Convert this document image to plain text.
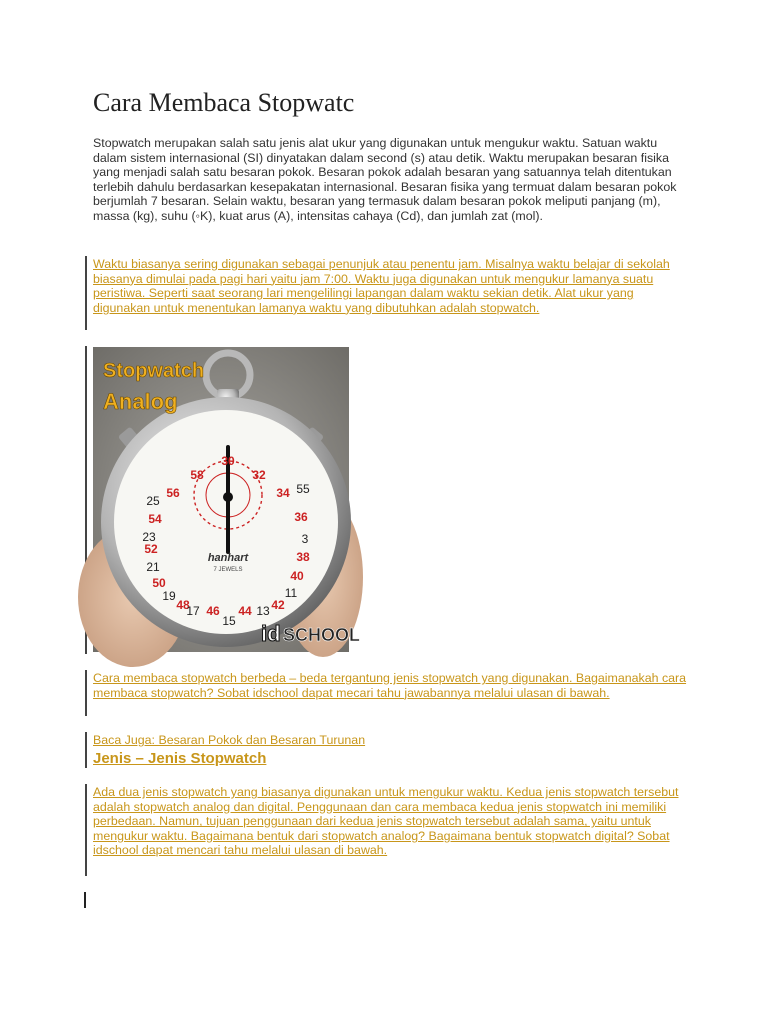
Cara Membaca Stopwatc

Stopwatch merupakan salah satu jenis alat ukur yang digunakan untuk mengukur waktu. Satuan waktu dalam sistem internasional (SI) dinyatakan dalam second (s) atau detik. Waktu merupakan besaran fisika yang menjadi salah satu besaran pokok. Besaran pokok adalah besaran yang satuannya telah ditentukan terlebih dahulu berdasarkan kesepakatan internasional. Besaran fisika yang termuat dalam besaran pokok berjumlah 7 besaran. Selain waktu, besaran yang termasuk dalam besaran pokok meliputi panjang (m), massa (kg), suhu (◦K), kuat arus (A), intensitas cahaya (Cd), dan jumlah zat (mol).

Waktu biasanya sering digunakan sebagai penunjuk atau penentu jam. Misalnya waktu belajar di sekolah biasanya dimulai pada pagi hari yaitu jam 7:00. Waktu juga digunakan untuk mengukur lamanya suatu peristiwa. Seperti saat seorang lari mengelilingi lapangan dalam waktu sekian detik. Alat ukur yang digunakan untuk menentukan lamanya waktu yang dibutuhkan adalah stopwatch.

30
58	32
56	34
25
55
54	36
23	3
52
38
21
40
50
11
19
48	42
17 46 44 13
15
hanhart
7 JEWELS
Stopwatch
Analog
id SCHOOL

Cara membaca stopwatch berbeda – beda tergantung jenis stopwatch yang digunakan. Bagaimanakah cara membaca stopwatch? Sobat idschool dapat mecari tahu jawabannya melalui ulasan di bawah.

Baca Juga: Besaran Pokok dan Besaran Turunan
Jenis – Jenis Stopwatch

Ada dua jenis stopwatch yang biasanya digunakan untuk mengukur waktu. Kedua jenis stopwatch tersebut adalah stopwatch analog dan digital. Penggunaan dan cara membaca kedua jenis stopwatch ini memiliki perbedaan. Namun, tujuan penggunaan dari kedua jenis stopwatch tersebut adalah sama, yaitu untuk mengukur waktu. Bagaimana bentuk dari stopwatch analog? Bagaimana bentuk stopwatch digital? Sobat idschool dapat mencari tahu melalui ulasan di bawah.
